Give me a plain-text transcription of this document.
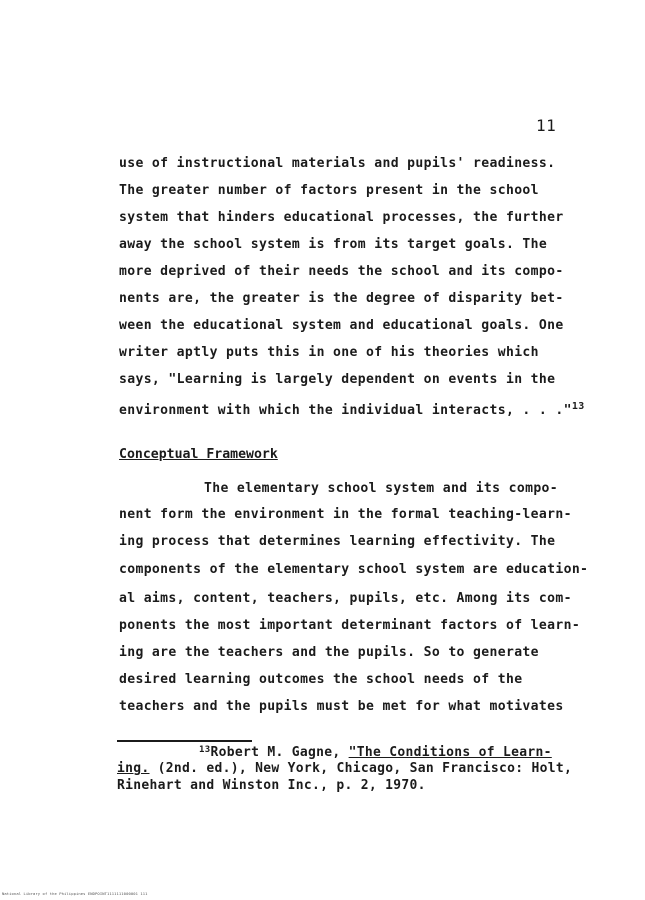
11
use of instructional materials and pupils' readiness.
The greater number of factors present in the school
system that hinders educational processes, the further
away the school system is from its target goals. The
more deprived of their needs the school and its compo-
nents are, the greater is the degree of disparity bet-
ween the educational system and educational goals. One
writer aptly puts this in one of his theories which
says, "Learning is largely dependent on events in the
environment with which the individual interacts, . . ."$^{13}$
Conceptual Framework
The elementary school system and its compo-
nent form the environment in the formal teaching-learn-
ing process that determines learning effectivity. The
components of the elementary school system are education-
al aims, content, teachers, pupils, etc. Among its com-
ponents the most important determinant factors of learn-
ing are the teachers and the pupils. So to generate
desired learning outcomes the school needs of the
teachers and the pupils must be met for what motivates
$^{13}$Robert M. Gagne, "The Conditions of Learn-
ing. (2nd. ed.), New York, Chicago, San Francisco: Holt,
Rinehart and Winston Inc., p. 2, 1970.
National Library of the Philippines ENDPOINT1111111000001 111
